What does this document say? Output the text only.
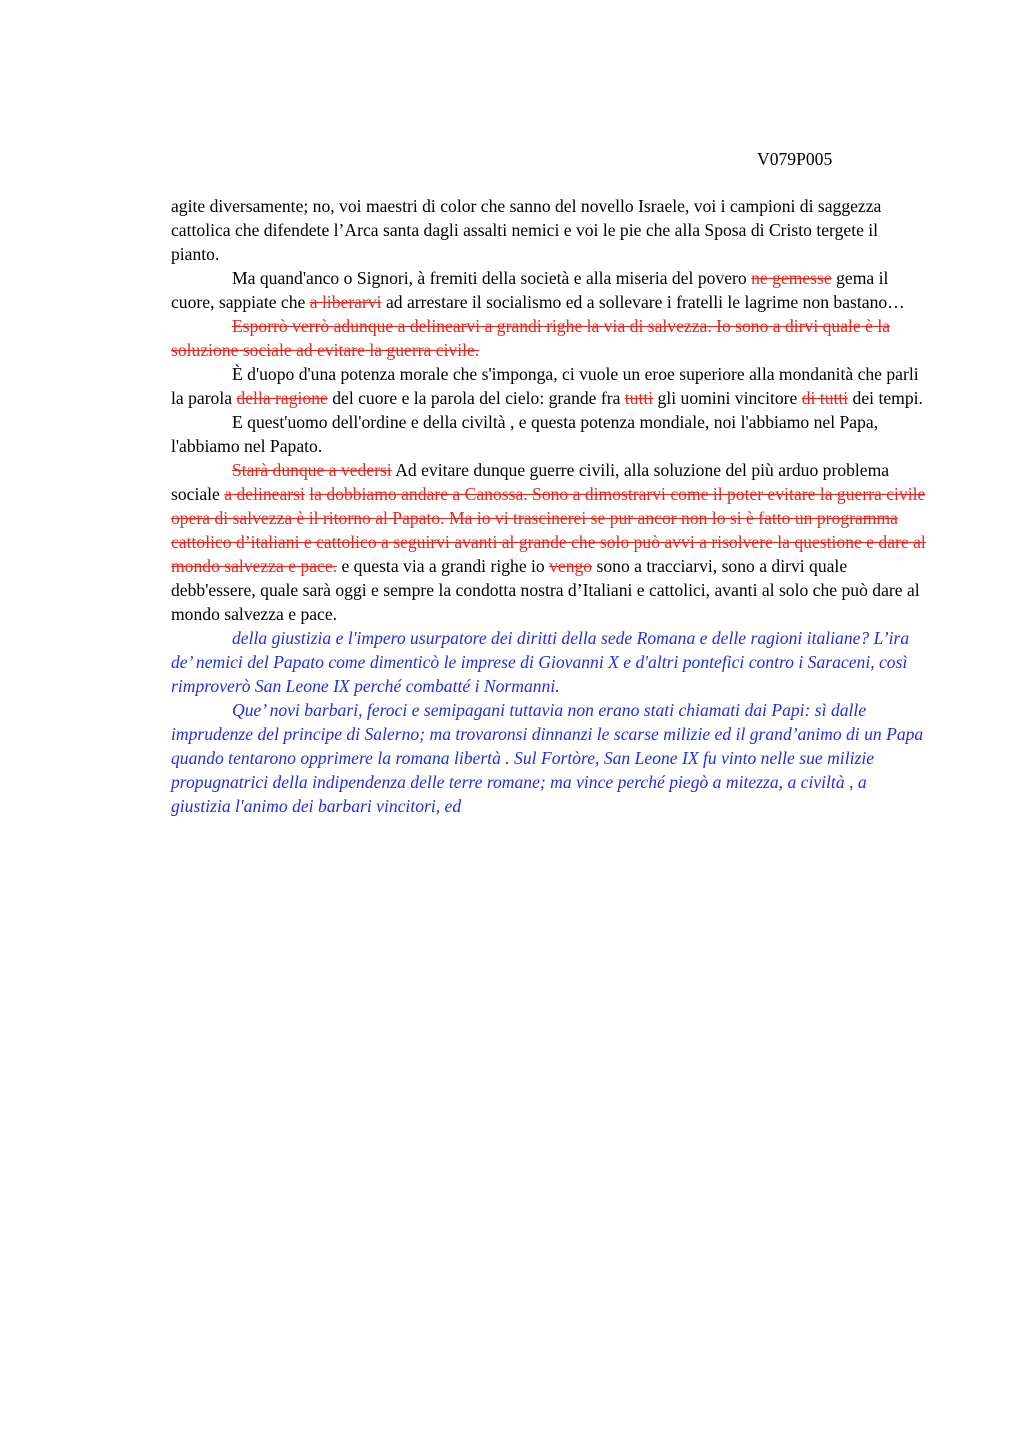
V079P005

agite diversamente; no, voi maestri di color che sanno del novello Israele, voi i campioni di saggezza cattolica che difendete l’Arca santa dagli assalti nemici e voi le pie che alla Sposa di Cristo tergete il pianto.

Ma quand'anco o Signori, à fremiti della società e alla miseria del povero ne gemesse gema il cuore, sappiate che a liberarvi ad arrestare il socialismo ed a sollevare i fratelli le lagrime non bastano…

Esporrò verrò adunque a delinearvi a grandi righe la via di salvezza. Io sono a dirvi quale è la soluzione sociale ad evitare la guerra civile.

È d'uopo d'una potenza morale che s'imponga, ci vuole un eroe superiore alla mondanità che parli la parola della ragione del cuore e la parola del cielo: grande fra tutti gli uomini vincitore di tutti dei tempi.

E quest'uomo dell'ordine e della civiltà , e questa potenza mondiale, noi l'abbiamo nel Papa, l'abbiamo nel Papato.

Starà dunque a vedersi Ad evitare dunque guerre civili, alla soluzione del più arduo problema sociale a delinearsi la dobbiamo andare a Canossa. Sono a dimostrarvi come il poter evitare la guerra civile opera di salvezza è il ritorno al Papato. Ma io vi trascinerei se pur ancor non lo si è fatto un programma cattolico d’italiani e cattolico a seguirvi avanti al grande che solo può avvi a risolvere la questione e dare al mondo salvezza e pace. e questa via a grandi righe io vengo sono a tracciarvi, sono a dirvi quale debb'essere, quale sarà oggi e sempre la condotta nostra d’Italiani e cattolici, avanti al solo che può dare al mondo salvezza e pace.

della giustizia e l'impero usurpatore dei diritti della sede Romana e delle ragioni italiane? L’ira de’ nemici del Papato come dimenticò le imprese di Giovanni X e d'altri pontefici contro i Saraceni, così rimproverò San Leone IX perché combatté i Normanni.

Que’ novi barbari, feroci e semipagani tuttavia non erano stati chiamati dai Papi: sì dalle imprudenze del principe di Salerno; ma trovaronsi dinnanzi le scarse milizie ed il grand’animo di un Papa quando tentarono opprimere la romana libertà . Sul Fortòre, San Leone IX fu vinto nelle sue milizie propugnatrici della indipendenza delle terre romane; ma vince perché piegò a mitezza, a civiltà , a giustizia l'animo dei barbari vincitori, ed
